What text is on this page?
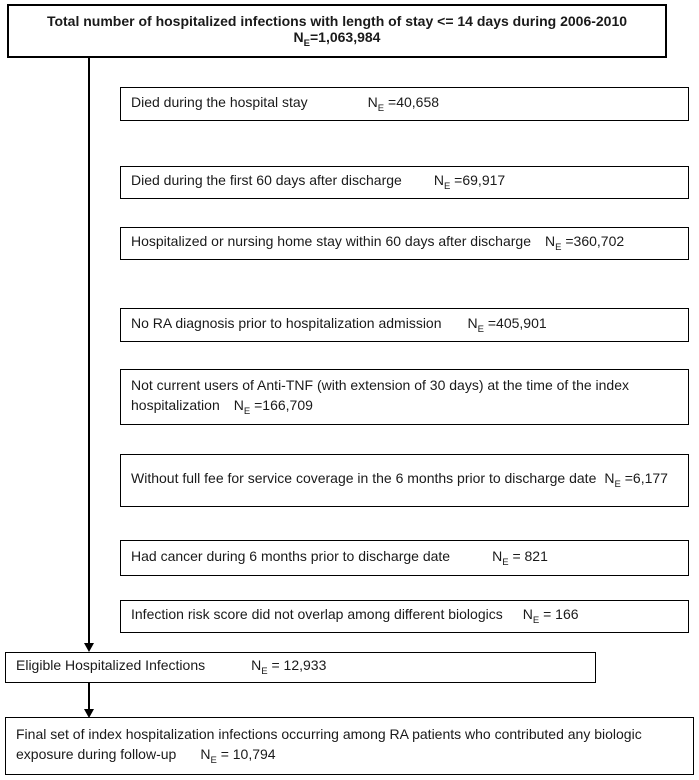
Total number of hospitalized infections with length of stay <= 14 days during 2006-2010
$N_E=1,063,984$
Died during the hospital stay	$N_E =40,658$
Died during the first 60 days after discharge $N_E =69,917$
Hospitalized or nursing home stay within 60 days after discharge $N_E =360,702$
No RA diagnosis prior to hospitalization admission $N_E =405,901$
Not current users of Anti-TNF (with extension of 30 days) at the time of the index hospitalization $N_E =166,709$
Without full fee for service coverage in the 6 months prior to discharge date $N_E =6,177$
Had cancer during 6 months prior to discharge date	$N_E = 821$
Infection risk score did not overlap among different biologics $N_E = 166$
Eligible Hospitalized Infections	$N_E = 12,933$
Final set of index hospitalization infections occurring among RA patients who contributed any biologic exposure during follow-up $N_E = 10,794$
